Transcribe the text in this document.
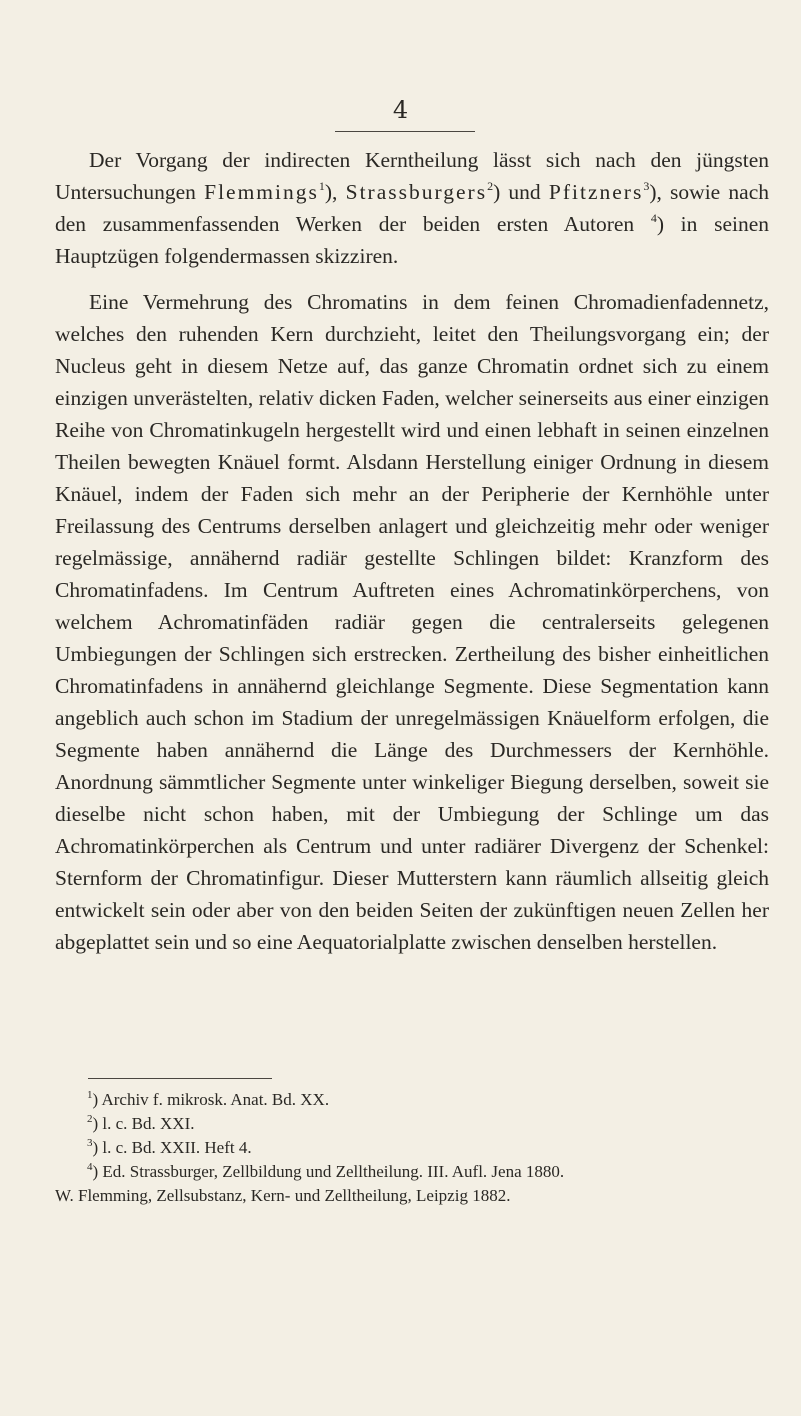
4

Der Vorgang der indirecten Kerntheilung lässt sich nach den jüngsten Untersuchungen Flemmings$^1$), Strassburgers$^2$) und Pfitzners$^3$), sowie nach den zusammenfassenden Werken der beiden ersten Autoren $^4$) in seinen Hauptzügen folgendermassen skizziren.

Eine Vermehrung des Chromatins in dem feinen Chromadienfadennetz, welches den ruhenden Kern durchzieht, leitet den Theilungsvorgang ein; der Nucleus geht in diesem Netze auf, das ganze Chromatin ordnet sich zu einem einzigen unverästelten, relativ dicken Faden, welcher seinerseits aus einer einzigen Reihe von Chromatinkugeln hergestellt wird und einen lebhaft in seinen einzelnen Theilen bewegten Knäuel formt. Alsdann Herstellung einiger Ordnung in diesem Knäuel, indem der Faden sich mehr an der Peripherie der Kernhöhle unter Freilassung des Centrums derselben anlagert und gleichzeitig mehr oder weniger regelmässige, annähernd radiär gestellte Schlingen bildet: Kranzform des Chromatinfadens. Im Centrum Auftreten eines Achromatinkörperchens, von welchem Achromatinfäden radiär gegen die centralerseits gelegenen Umbiegungen der Schlingen sich erstrecken. Zertheilung des bisher einheitlichen Chromatinfadens in annähernd gleichlange Segmente. Diese Segmentation kann angeblich auch schon im Stadium der unregelmässigen Knäuelform erfolgen, die Segmente haben annähernd die Länge des Durchmessers der Kernhöhle. Anordnung sämmtlicher Segmente unter winkeliger Biegung derselben, soweit sie dieselbe nicht schon haben, mit der Umbiegung der Schlinge um das Achromatinkörperchen als Centrum und unter radiärer Divergenz der Schenkel: Sternform der Chromatinfigur. Dieser Mutterstern kann räumlich allseitig gleich entwickelt sein oder aber von den beiden Seiten der zukünftigen neuen Zellen her abgeplattet sein und so eine Aequatorialplatte zwischen denselben herstellen.

$^1$) Archiv f. mikrosk. Anat. Bd. XX.
$^2$) l. c. Bd. XXI.
$^3$) l. c. Bd. XXII. Heft 4.
$^4$) Ed. Strassburger, Zellbildung und Zelltheilung. III. Aufl. Jena 1880.
W. Flemming, Zellsubstanz, Kern- und Zelltheilung, Leipzig 1882.
